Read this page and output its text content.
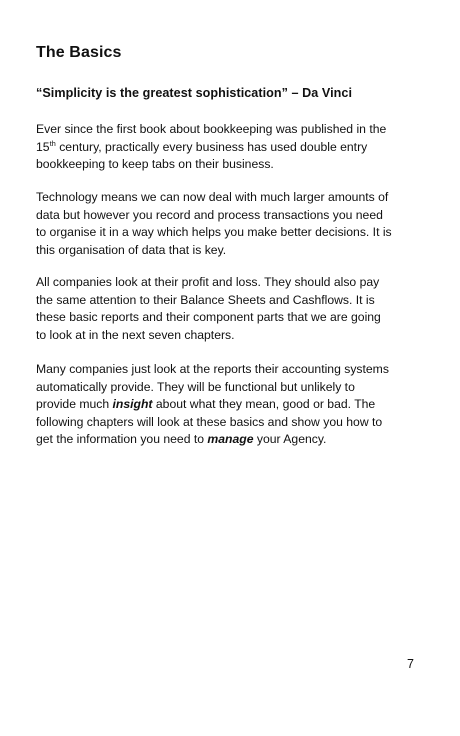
The Basics

“Simplicity is the greatest sophistication” – Da Vinci

Ever since the first book about bookkeeping was published in the
15th century, practically every business has used double entry
bookkeeping to keep tabs on their business.

Technology means we can now deal with much larger amounts of
data but however you record and process transactions you need
to organise it in a way which helps you make better decisions. It is
this organisation of data that is key.

All companies look at their profit and loss. They should also pay
the same attention to their Balance Sheets and Cashflows. It is
these basic reports and their component parts that we are going
to look at in the next seven chapters.

Many companies just look at the reports their accounting systems
automatically provide. They will be functional but unlikely to
provide much insight about what they mean, good or bad. The
following chapters will look at these basics and show you how to
get the information you need to manage your Agency.

7
